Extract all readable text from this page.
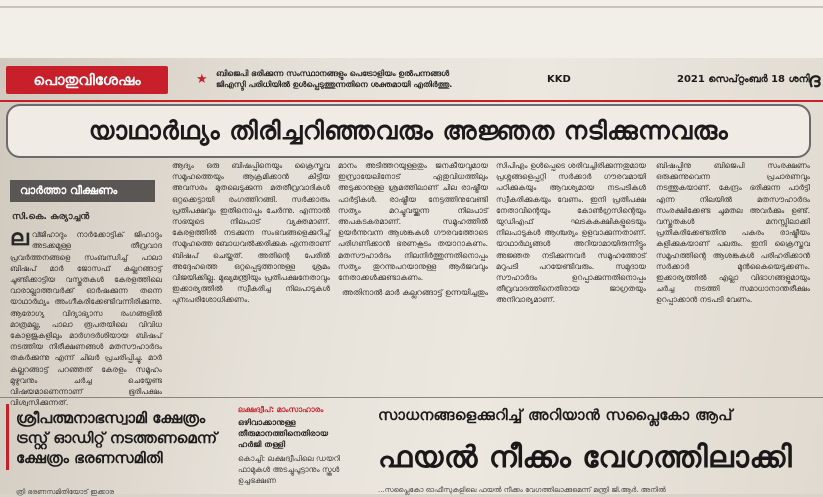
പൊതുവിശേഷം	★ ബിജെപി ഭരിക്കുന്ന സംസ്ഥാനങ്ങളും പെട്രോളിയം ഉൽപന്നങ്ങൾ ജിഎസ്ടി പരിധിയിൽ ഉൾപ്പെടുത്തുന്നതിനെ ശക്തമായി എതിർത്തു.	KKD	2021 സെപ്റ്റംബർ 18 ശനി
ദ
യാഥാർഥ്യം തിരിച്ചറിഞ്ഞവരും അജ്ഞത നടിക്കുന്നവരും
വാർത്താ വീക്ഷണം
സി.കെ. കുര്യാച്ചൻ
ല വ്ജിഹാദും നാർക്കോട്ടിക് ജിഹാദും അടക്കമുള്ള തീവ്രവാദ പ്രവർത്തനങ്ങളെ സംബന്ധിച്ച് പാലാ ബിഷപ് മാർ ജോസഫ് കല്ലറങ്ങാട്ട് ചൂണ്ടിക്കാട്ടിയ വസ്തുതകൾ കേരളത്തിലെ വാരാല്ലാത്തവർക്ക് ഓർഷക്കുന്ന തന്നെ യാഥാർഥ്യം അംഗീകരിക്കേണ്ടിവന്നിരിക്കുന്നു. ആരോഗ്യ വിദ്യാഭ്യാസ രംഗങ്ങളിൽ മാത്രമല്ല, പാലാ രൂപതയിലെ വിവിധ കോളജുകളിലും മാർഗദർശിയായ ബിഷപ് നടത്തിയ നിരീക്ഷണങ്ങൾ മതസൗഹാർദം തകർക്കുന്നു എന്ന് ചിലർ പ്രചരിപ്പിച്ചു. മാർ കല്ലറങ്ങാട്ട് പറഞ്ഞത് കേരളം സമൂഹം മുഴുവനും ചർച്ച ചെയ്യേണ്ട വിഷയമാണെന്നാണ് ഭൂരിപക്ഷം വിശ്വസിക്കുന്നത്.
ആദ്യം ഒരു ബിഷപ്പിനെയും ക്രൈസ്തവ സമൂഹത്തെയും ആക്രമിക്കാൻ കിട്ടിയ അവസരം മുതലെടുക്കുന്ന മതതീവ്രവാദികൾ ഒറ്റക്കെട്ടായി രംഗത്തിറങ്ങി. സർക്കാരും പ്രതിപക്ഷവും ഇതിനൊപ്പം ചേർന്നു. എന്നാൽ സഭയുടെ നിലപാട് വ്യക്തമാണ്. കേരളത്തിൽ നടക്കുന്ന സംഭവങ്ങളെക്കുറിച്ച് സമൂഹത്തെ ബോധവൽക്കരിക്കുക എന്നതാണ് ബിഷപ് ചെയ്തത്. അതിന്റെ പേരിൽ അദ്ദേഹത്തെ ഒറ്റപ്പെടുത്താനുള്ള ശ്രമം വിജയിക്കില്ല. മുഖ്യമന്ത്രിയും പ്രതിപക്ഷനേതാവും ഇക്കാര്യത്തിൽ സ്വീകരിച്ച നിലപാടുകൾ പുനഃപരിശോധിക്കണം.
മാനം അടിത്തറയുള്ളതും ജനകീയവുമായ ഇസ്രായേലിനോട് ഏതുവിധത്തിലും അടുക്കാനുള്ള ശ്രമത്തിലാണ് ചില രാഷ്ട്രീയ പാർട്ടികൾ. രാഷ്ട്രീയ നേട്ടത്തിനുവേണ്ടി സത്യം മറച്ചുവയ്ക്കുന്ന നിലപാട് അപകടകരമാണ്. സമൂഹത്തിൽ ഉയർന്നുവന്ന ആശങ്കകൾ ഗൗരവത്തോടെ പരിഗണിക്കാൻ ഭരണകൂടം തയാറാകണം. മതസൗഹാർദം നിലനിർത്തുന്നതിനൊപ്പം സത്യം തുറന്നുപറയാനുള്ള ആർജവവും നേതാക്കൾക്കുണ്ടാകണം.
അതിനാൽ മാർ കല്ലറങ്ങാട്ട് ഉന്നയിച്ചതും
സിപിഎം ഉൾപ്പെടെ ശരിവച്ചിരിക്കുന്നതുമായ പ്രശ്നങ്ങളെപ്പറ്റി സർക്കാർ ഗൗരവമായി പഠിക്കുകയും ആവശ്യമായ നടപടികൾ സ്വീകരിക്കുകയും വേണം. ഇനി പ്രതിപക്ഷ നേതാവിന്റെയും കോൺഗ്രസിന്റെയും യുഡിഎഫ് ഘടകകക്ഷികളുടെയും നിലപാടുകൾ ആശ്ചര്യം ഉളവാക്കുന്നതാണ്. യാഥാർഥ്യങ്ങൾ അറിയാമായിരുന്നിട്ടും അജ്ഞത നടിക്കുന്നവർ സമൂഹത്തോട് മറുപടി പറയേണ്ടിവരും. സമുദായ സൗഹാർദം ഉറപ്പാക്കുന്നതിനൊപ്പം തീവ്രവാദത്തിനെതിരായ ജാഗ്രതയും അനിവാര്യമാണ്.
ബിഷപ്പിനു ബിജെപി സംരക്ഷണം ഒരുക്കുന്നുവെന്ന പ്രചാരണവും നടത്തുകയാണ്. കേന്ദ്രം ഭരിക്കുന്ന പാർട്ടി എന്ന നിലയിൽ മതസൗഹാർദം സംരക്ഷിക്കേണ്ട ചുമതല അവർക്കും ഉണ്ട്. വസ്തുതകൾ മനസ്സിലാക്കി പ്രതികരിക്കേണ്ടതിനു പകരം രാഷ്ട്രീയം കളിക്കുകയാണ് പലരും. ഇനി ക്രൈസ്തവ സമൂഹത്തിന്റെ ആശങ്കകൾ പരിഹരിക്കാൻ സർക്കാർ മുൻകൈയെടുക്കണം. ഇക്കാര്യത്തിൽ എല്ലാ വിഭാഗങ്ങളുമായും ചർച്ച നടത്തി സമാധാനാന്തരീക്ഷം ഉറപ്പാക്കാൻ നടപടി വേണം.
ശ്രീപത്മനാഭസ്വാമി ക്ഷേത്രം ട്രസ്റ്റ് ഓഡിറ്റ് നടത്തണമെന്ന് ക്ഷേത്രം ഭരണസമിതി
ത്രി ഭരണസമിതിയോട് ഇക്കാര
ലക്ഷദ്വീപ്: മാംസാഹാരം
ഒഴിവാക്കാനുള്ള തീരുമാനത്തിനെതിരായ ഹർജി തള്ളി
കൊച്ചി: ലക്ഷദ്വീപിലെ ഡയറി ഫാമുകൾ അടച്ചുപൂട്ടാനും സ്കൂൾ ഉച്ചഭക്ഷണ
സാധനങ്ങളെക്കുറിച്ച് അറിയാൻ സപ്ലൈകോ ആപ്
ഫയൽ നീക്കം വേഗത്തിലാക്കി
...സപ്ലൈകോ ഓഫീസുകളിലെ ഫയൽ നീക്കം വേഗത്തിലാക്കുമെന്ന് മന്ത്രി ജി.ആർ. അനിൽ
